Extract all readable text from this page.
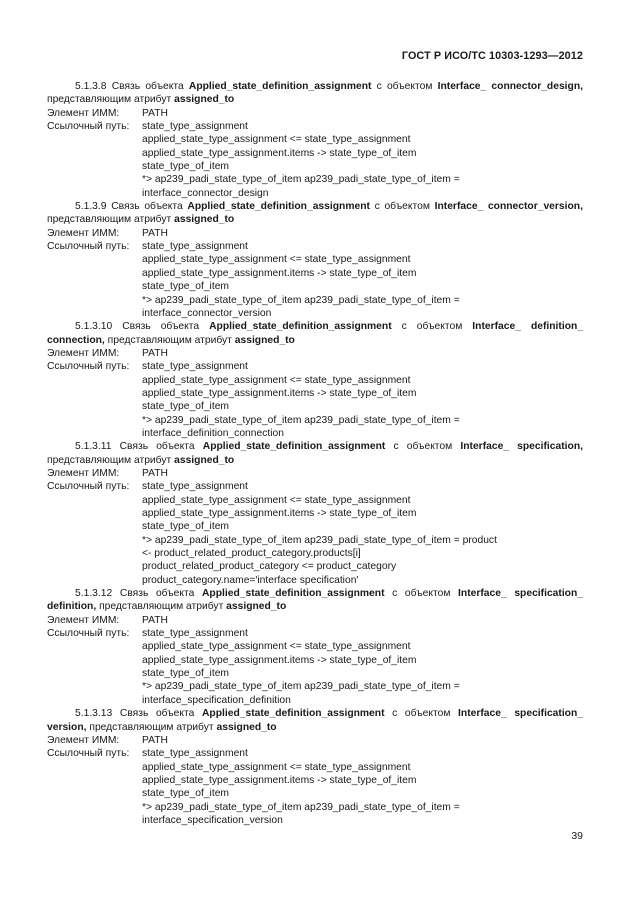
ГОСТ Р ИСО/ТС 10303-1293—2012
5.1.3.8 Связь объекта Applied_state_definition_assignment с объектом Interface_ connector_design, представляющим атрибут assigned_to
Элемент ИММ:	PATH
Ссылочный путь:	state_type_assignment
applied_state_type_assignment <= state_type_assignment
applied_state_type_assignment.items -> state_type_of_item
state_type_of_item
*> ap239_padi_state_type_of_item ap239_padi_state_type_of_item =
interface_connector_design
5.1.3.9 Связь объекта Applied_state_definition_assignment с объектом Interface_ connector_version, представляющим атрибут assigned_to
Элемент ИММ:	PATH
Ссылочный путь:	state_type_assignment
applied_state_type_assignment <= state_type_assignment
applied_state_type_assignment.items -> state_type_of_item
state_type_of_item
*> ap239_padi_state_type_of_item ap239_padi_state_type_of_item =
interface_connector_version
5.1.3.10 Связь объекта Applied_state_definition_assignment с объектом Interface_ definition_ connection, представляющим атрибут assigned_to
Элемент ИММ:	PATH
Ссылочный путь:	state_type_assignment
applied_state_type_assignment <= state_type_assignment
applied_state_type_assignment.items -> state_type_of_item
state_type_of_item
*> ap239_padi_state_type_of_item ap239_padi_state_type_of_item =
interface_definition_connection
5.1.3.11 Связь объекта Applied_state_definition_assignment с объектом Interface_ specification, представляющим атрибут assigned_to
Элемент ИММ:	PATH
Ссылочный путь:	state_type_assignment
applied_state_type_assignment <= state_type_assignment
applied_state_type_assignment.items -> state_type_of_item
state_type_of_item
*> ap239_padi_state_type_of_item ap239_padi_state_type_of_item = product
<- product_related_product_category.products[i]
product_related_product_category <= product_category
product_category.name='interface specification'
5.1.3.12 Связь объекта Applied_state_definition_assignment с объектом Interface_ specification_ definition, представляющим атрибут assigned_to
Элемент ИММ:	PATH
Ссылочный путь:	state_type_assignment
applied_state_type_assignment <= state_type_assignment
applied_state_type_assignment.items -> state_type_of_item
state_type_of_item
*> ap239_padi_state_type_of_item ap239_padi_state_type_of_item =
interface_specification_definition
5.1.3.13 Связь объекта Applied_state_definition_assignment с объектом Interface_ specification_ version, представляющим атрибут assigned_to
Элемент ИММ:	PATH
Ссылочный путь:	state_type_assignment
applied_state_type_assignment <= state_type_assignment
applied_state_type_assignment.items -> state_type_of_item
state_type_of_item
*> ap239_padi_state_type_of_item ap239_padi_state_type_of_item =
interface_specification_version
39
